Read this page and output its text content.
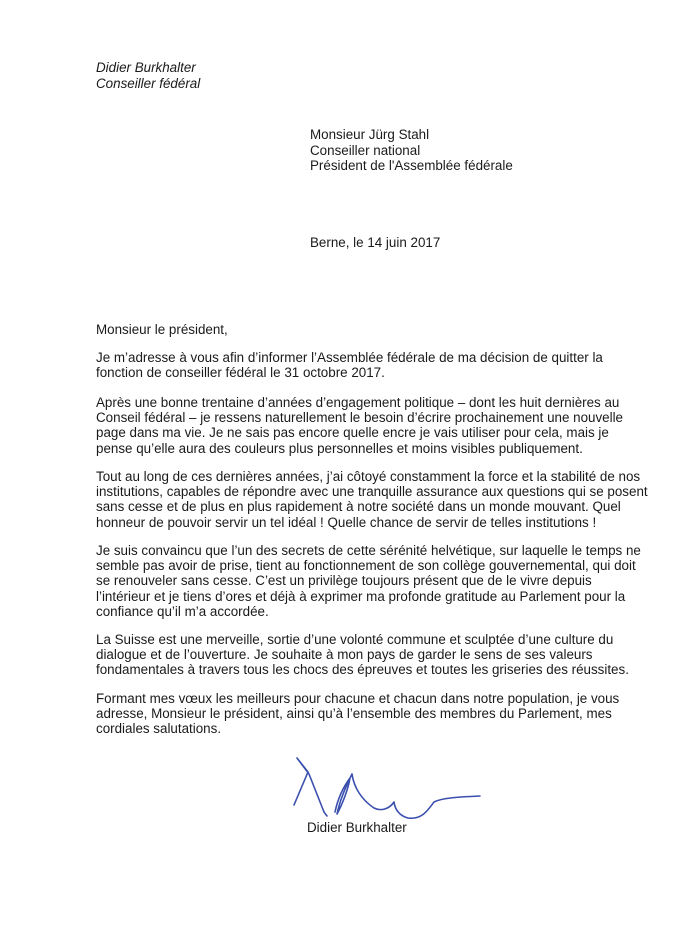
Didier Burkhalter
Conseiller fédéral
Monsieur Jürg Stahl
Conseiller national
Président de l'Assemblée fédérale
Berne, le 14 juin 2017
Monsieur le président,

Je m’adresse à vous afin d’informer l’Assemblée fédérale de ma décision de quitter la

fonction de conseiller fédéral le 31 octobre 2017.

Après une bonne trentaine d’années d’engagement politique – dont les huit dernières au

Conseil fédéral – je ressens naturellement le besoin d’écrire prochainement une nouvelle

page dans ma vie. Je ne sais pas encore quelle encre je vais utiliser pour cela, mais je

pense qu’elle aura des couleurs plus personnelles et moins visibles publiquement.

Tout au long de ces dernières années, j’ai côtoyé constamment la force et la stabilité de nos

institutions, capables de répondre avec une tranquille assurance aux questions qui se posent

sans cesse et de plus en plus rapidement à notre société dans un monde mouvant. Quel

honneur de pouvoir servir un tel idéal ! Quelle chance de servir de telles institutions !

Je suis convaincu que l’un des secrets de cette sérénité helvétique, sur laquelle le temps ne

semble pas avoir de prise, tient au fonctionnement de son collège gouvernemental, qui doit

se renouveler sans cesse. C’est un privilège toujours présent que de le vivre depuis

l’intérieur et je tiens d’ores et déjà à exprimer ma profonde gratitude au Parlement pour la

confiance qu’il m’a accordée.

La Suisse est une merveille, sortie d’une volonté commune et sculptée d’une culture du

dialogue et de l’ouverture. Je souhaite à mon pays de garder le sens de ses valeurs

fondamentales à travers tous les chocs des épreuves et toutes les griseries des réussites.

Formant mes vœux les meilleurs pour chacune et chacun dans notre population, je vous

adresse, Monsieur le président, ainsi qu’à l’ensemble des membres du Parlement, mes

cordiales salutations.

Didier Burkhalter
